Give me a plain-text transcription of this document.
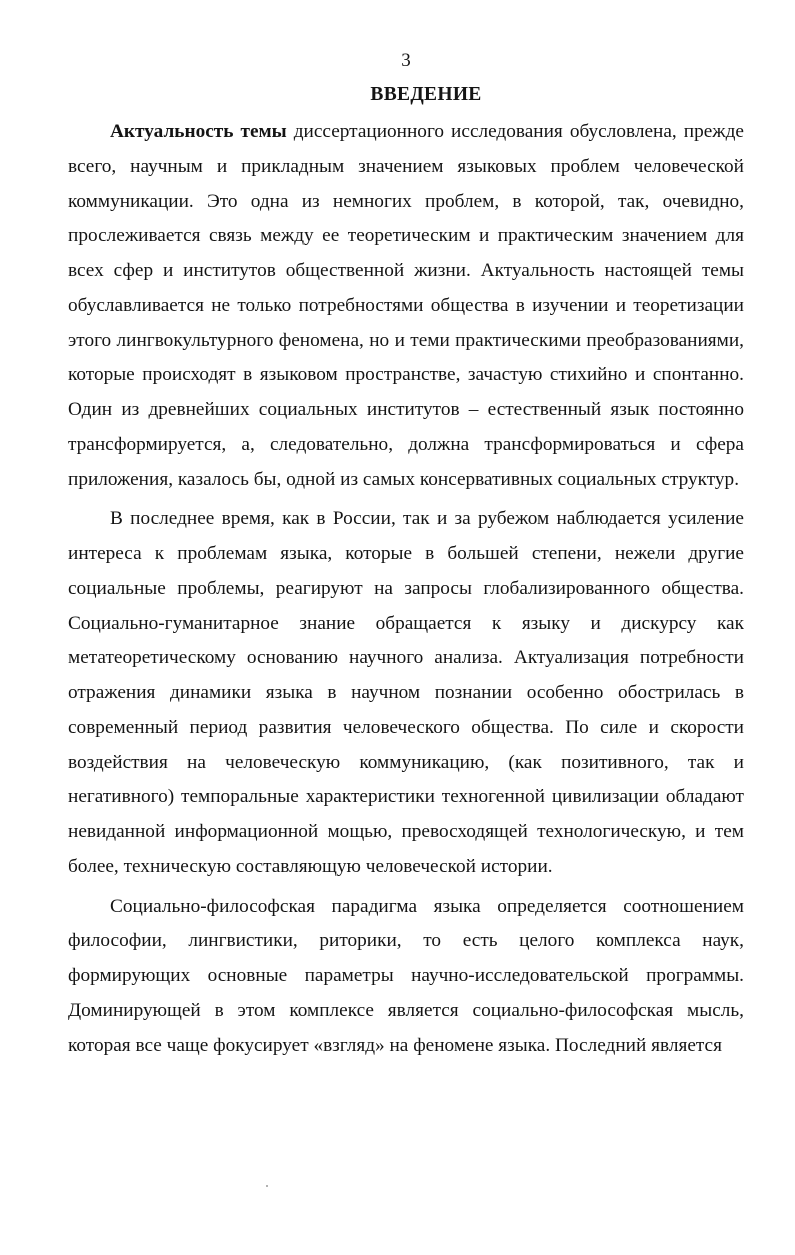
3
ВВЕДЕНИЕ

Актуальность темы диссертационного исследования обусловлена, прежде всего, научным и прикладным значением языковых проблем человеческой коммуникации. Это одна из немногих проблем, в которой, так, очевидно, прослеживается связь между ее теоретическим и практическим значением для всех сфер и институтов общественной жизни. Актуальность настоящей темы обуславливается не только потребностями общества в изучении и теоретизации этого лингвокультурного феномена, но и теми практическими преобразованиями, которые происходят в языковом пространстве, зачастую стихийно и спонтанно. Один из древнейших социальных институтов – естественный язык постоянно трансформируется, а, следовательно, должна трансформироваться и сфера приложения, казалось бы, одной из самых консервативных социальных структур.

В последнее время, как в России, так и за рубежом наблюдается усиление интереса к проблемам языка, которые в большей степени, нежели другие социальные проблемы, реагируют на запросы глобализированного общества. Социально-гуманитарное знание обращается к языку и дискурсу как метатеоретическому основанию научного анализа. Актуализация потребности отражения динамики языка в научном познании особенно обострилась в современный период развития человеческого общества. По силе и скорости воздействия на человеческую коммуникацию, (как позитивного, так и негативного) темпоральные характеристики техногенной цивилизации обладают невиданной информационной мощью, превосходящей технологическую, и тем более, техническую составляющую человеческой истории.

Социально-философская парадигма языка определяется соотношением философии, лингвистики, риторики, то есть целого комплекса наук, формирующих основные параметры научно-исследовательской программы. Доминирующей в этом комплексе является социально-философская мысль, которая все чаще фокусирует «взгляд» на феномене языка. Последний является
